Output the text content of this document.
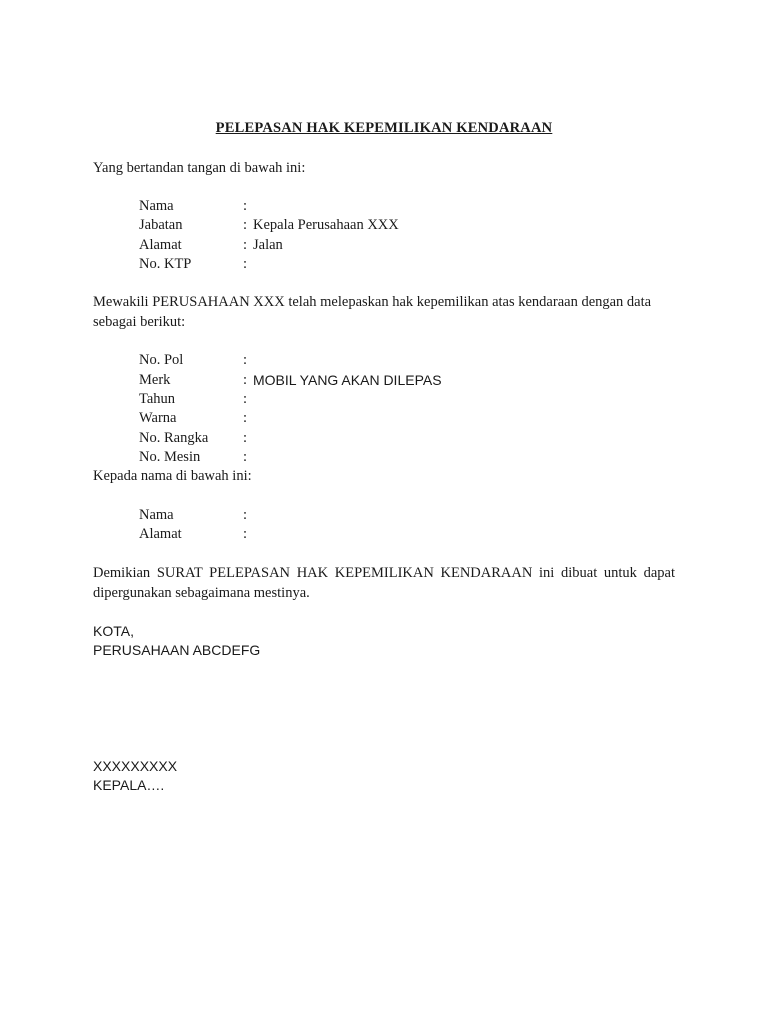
PELEPASAN HAK KEPEMILIKAN KENDARAAN
Yang bertandan tangan di bawah ini:
Nama	:
Jabatan	: Kepala Perusahaan XXX
Alamat	: Jalan
No. KTP	:
Mewakili PERUSAHAAN XXX telah melepaskan hak kepemilikan atas kendaraan dengan data sebagai berikut:
No. Pol	:
Merk	: MOBIL YANG AKAN DILEPAS
Tahun	:
Warna	:
No. Rangka :
No. Mesin	:
Kepada nama di bawah ini:
Nama	:
Alamat	:
Demikian SURAT PELEPASAN HAK KEPEMILIKAN KENDARAAN ini dibuat untuk dapat dipergunakan sebagaimana mestinya.
KOTA,
PERUSAHAAN ABCDEFG
XXXXXXXXX
KEPALA….
